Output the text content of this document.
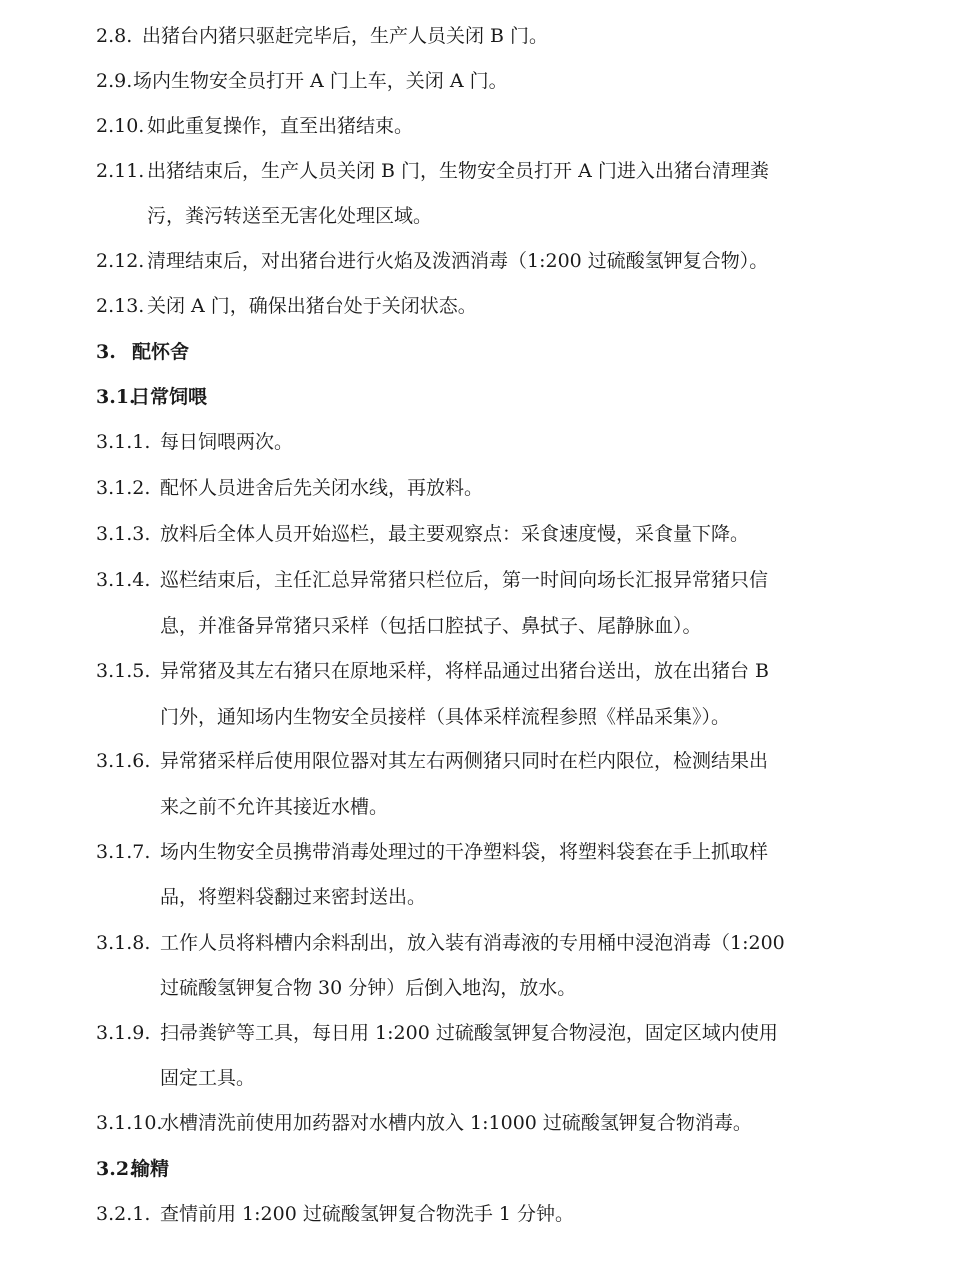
2.8. 出猪台内猪只驱赶完毕后，生产人员关闭 B 门。
2.9. 场内生物安全员打开 A 门上车，关闭 A 门。
2.10. 如此重复操作，直至出猪结束。
2.11. 出猪结束后，生产人员关闭 B 门，生物安全员打开 A 门进入出猪台清理粪
污，粪污转送至无害化处理区域。
2.12. 清理结束后，对出猪台进行火焰及泼洒消毒（1:200 过硫酸氢钾复合物）。
2.13. 关闭 A 门，确保出猪台处于关闭状态。
3. 配怀舍
3.1.
日常饲喂
3.1.1. 每日饲喂两次。
3.1.2. 配怀人员进舍后先关闭水线，再放料。
3.1.3. 放料后全体人员开始巡栏，最主要观察点：采食速度慢，采食量下降。
3.1.4. 巡栏结束后，主任汇总异常猪只栏位后，第一时间向场长汇报异常猪只信
息，并准备异常猪只采样（包括口腔拭子、鼻拭子、尾静脉血）。
3.1.5. 异常猪及其左右猪只在原地采样，将样品通过出猪台送出，放在出猪台 B
门外，通知场内生物安全员接样（具体采样流程参照《样品采集》）。
3.1.6. 异常猪采样后使用限位器对其左右两侧猪只同时在栏内限位，检测结果出
来之前不允许其接近水槽。
3.1.7. 场内生物安全员携带消毒处理过的干净塑料袋，将塑料袋套在手上抓取样
品，将塑料袋翻过来密封送出。
3.1.8. 工作人员将料槽内余料刮出，放入装有消毒液的专用桶中浸泡消毒（1:200
过硫酸氢钾复合物 30 分钟）后倒入地沟，放水。
3.1.9. 扫帚粪铲等工具，每日用 1:200 过硫酸氢钾复合物浸泡，固定区域内使用
固定工具。
3.1.10.
水槽清洗前使用加药器对水槽内放入 1:1000 过硫酸氢钾复合物消毒。
3.2.
输精
3.2.1. 查情前用 1:200 过硫酸氢钾复合物洗手 1 分钟。
